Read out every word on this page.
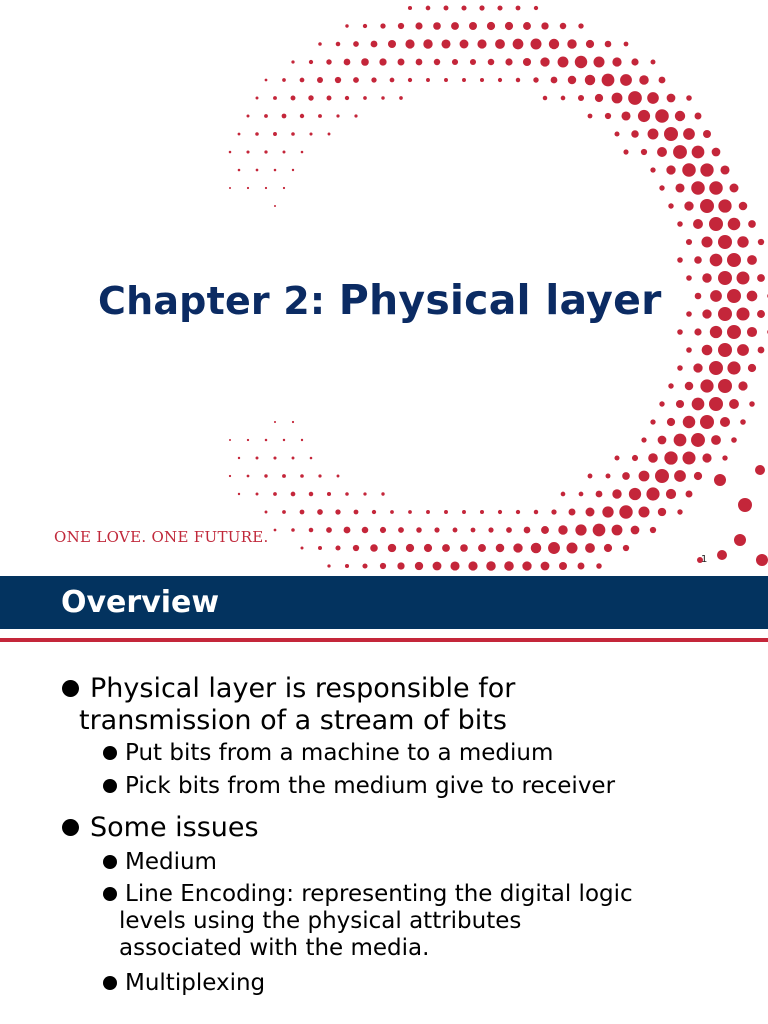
Chapter 2: Physical layer
ONE LOVE. ONE FUTURE.
1
Overview
Physical layer is responsible for
transmission of a stream of bits
Put bits from a machine to a medium
Pick bits from the medium give to receiver
Some issues
Medium
Line Encoding: representing the digital logic
levels using the physical attributes
associated with the media.
Multiplexing
